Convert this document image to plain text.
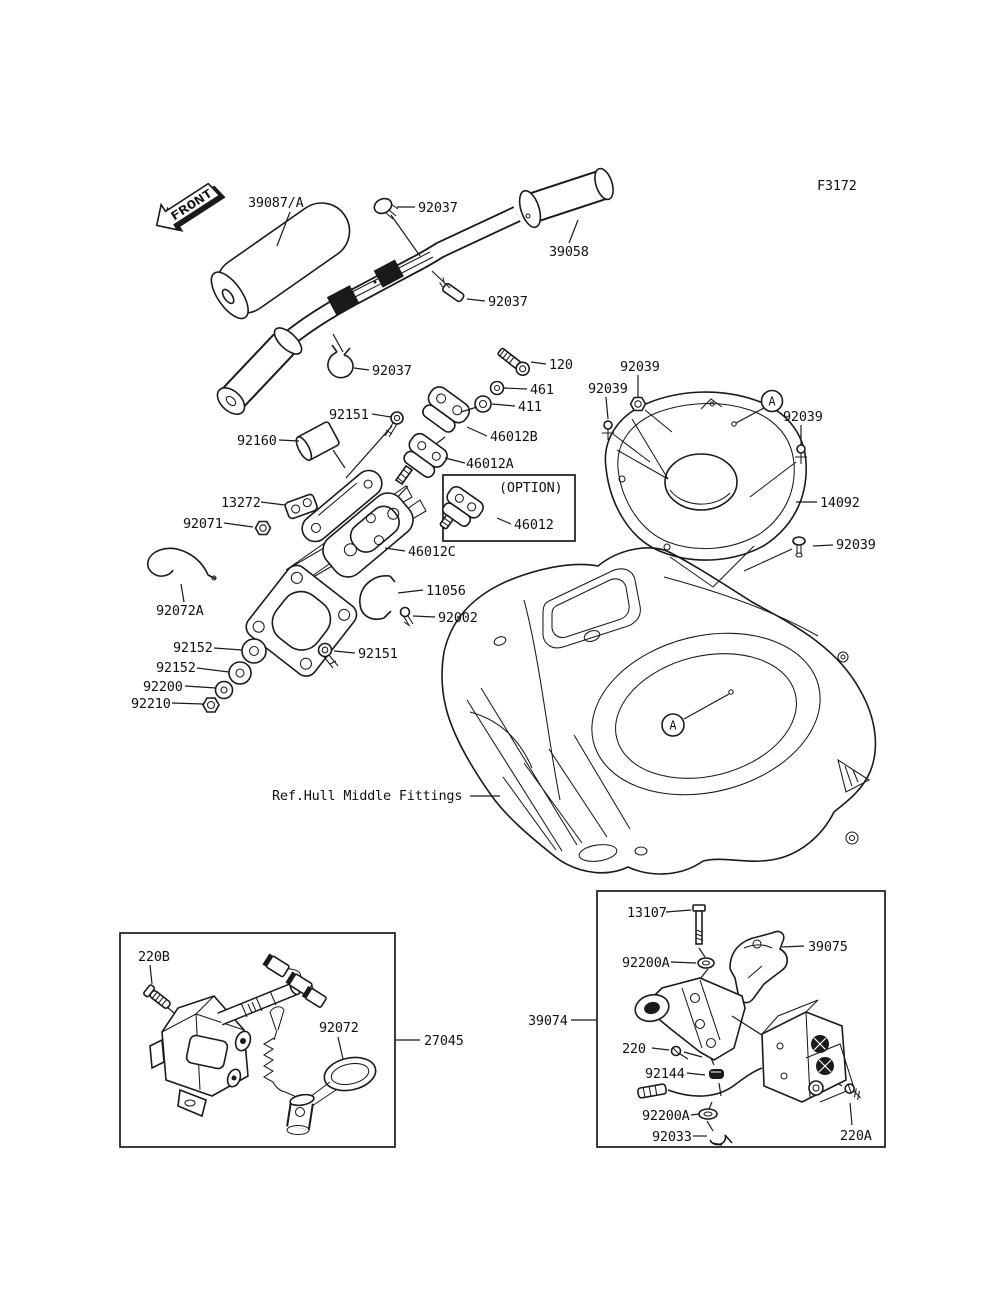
FRONT
A
A
39087/A	92037
39058
92037
92037	120
461
411
92151
92160	46012B
46012A
(OPTION)
46012
13272
92071
46012C
92072A
11056
92002
92152
92152
92200
92210
92151
Ref.Hull Middle Fittings
F3172
92039
92039
92039
14092
92039
220B
92072
27045
39074
13107
92200A
39075
220
92144
92200A
92033	220A
